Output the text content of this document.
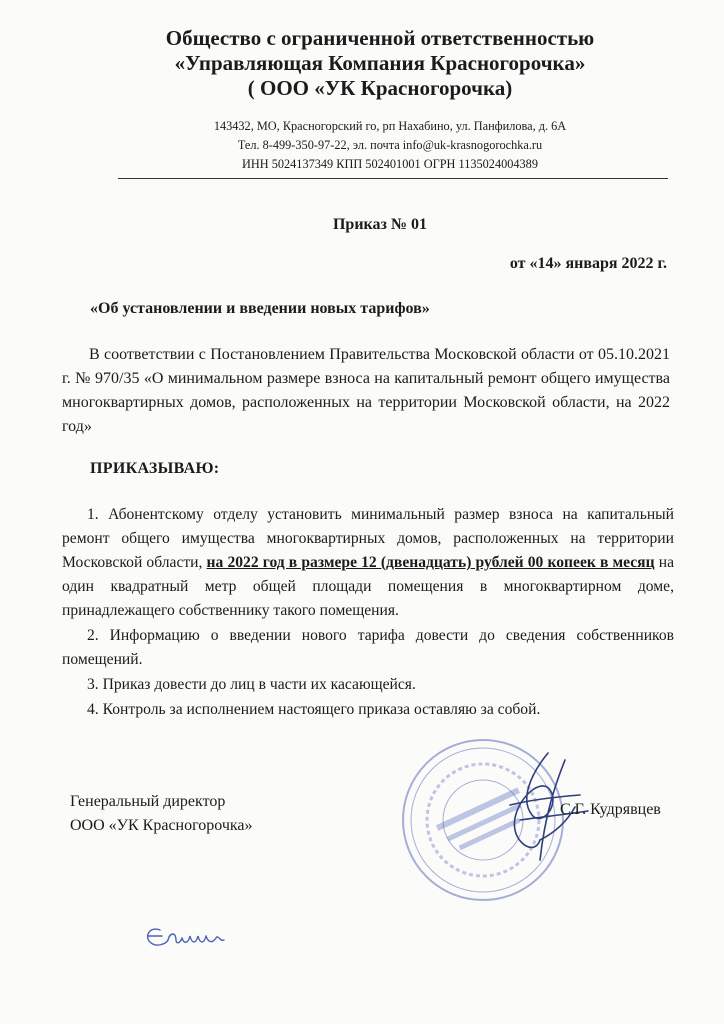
Общество с ограниченной ответственностью
«Управляющая Компания Красногорочка»
( ООО «УК Красногорочка)
143432, МО, Красногорский го, рп Нахабино, ул. Панфилова, д. 6А
Тел. 8-499-350-97-22, эл. почта info@uk-krasnogorochka.ru
ИНН 5024137349 КПП 502401001 ОГРН 1135024004389
Приказ № 01
от «14» января 2022 г.
«Об установлении и введении новых тарифов»
В соответствии с Постановлением Правительства Московской области от 05.10.2021 г. № 970/35 «О минимальном размере взноса на капитальный ремонт общего имущества многоквартирных домов, расположенных на территории Московской области, на 2022 год»
ПРИКАЗЫВАЮ:

1. Абонентскому отделу установить минимальный размер взноса на капитальный ремонт общего имущества многоквартирных домов, расположенных на территории Московской области, на 2022 год в размере 12 (двенадцать) рублей 00 копеек в месяц на один квадратный метр общей площади помещения в многоквартирном доме, принадлежащего собственнику такого помещения.

2. Информацию о введении нового тарифа довести до сведения собственников помещений.

3. Приказ довести до лиц в части их касающейся.

4. Контроль за исполнением настоящего приказа оставляю за собой.

Генеральный директор
ООО «УК Красногорочка»
С.Г. Кудрявцев
